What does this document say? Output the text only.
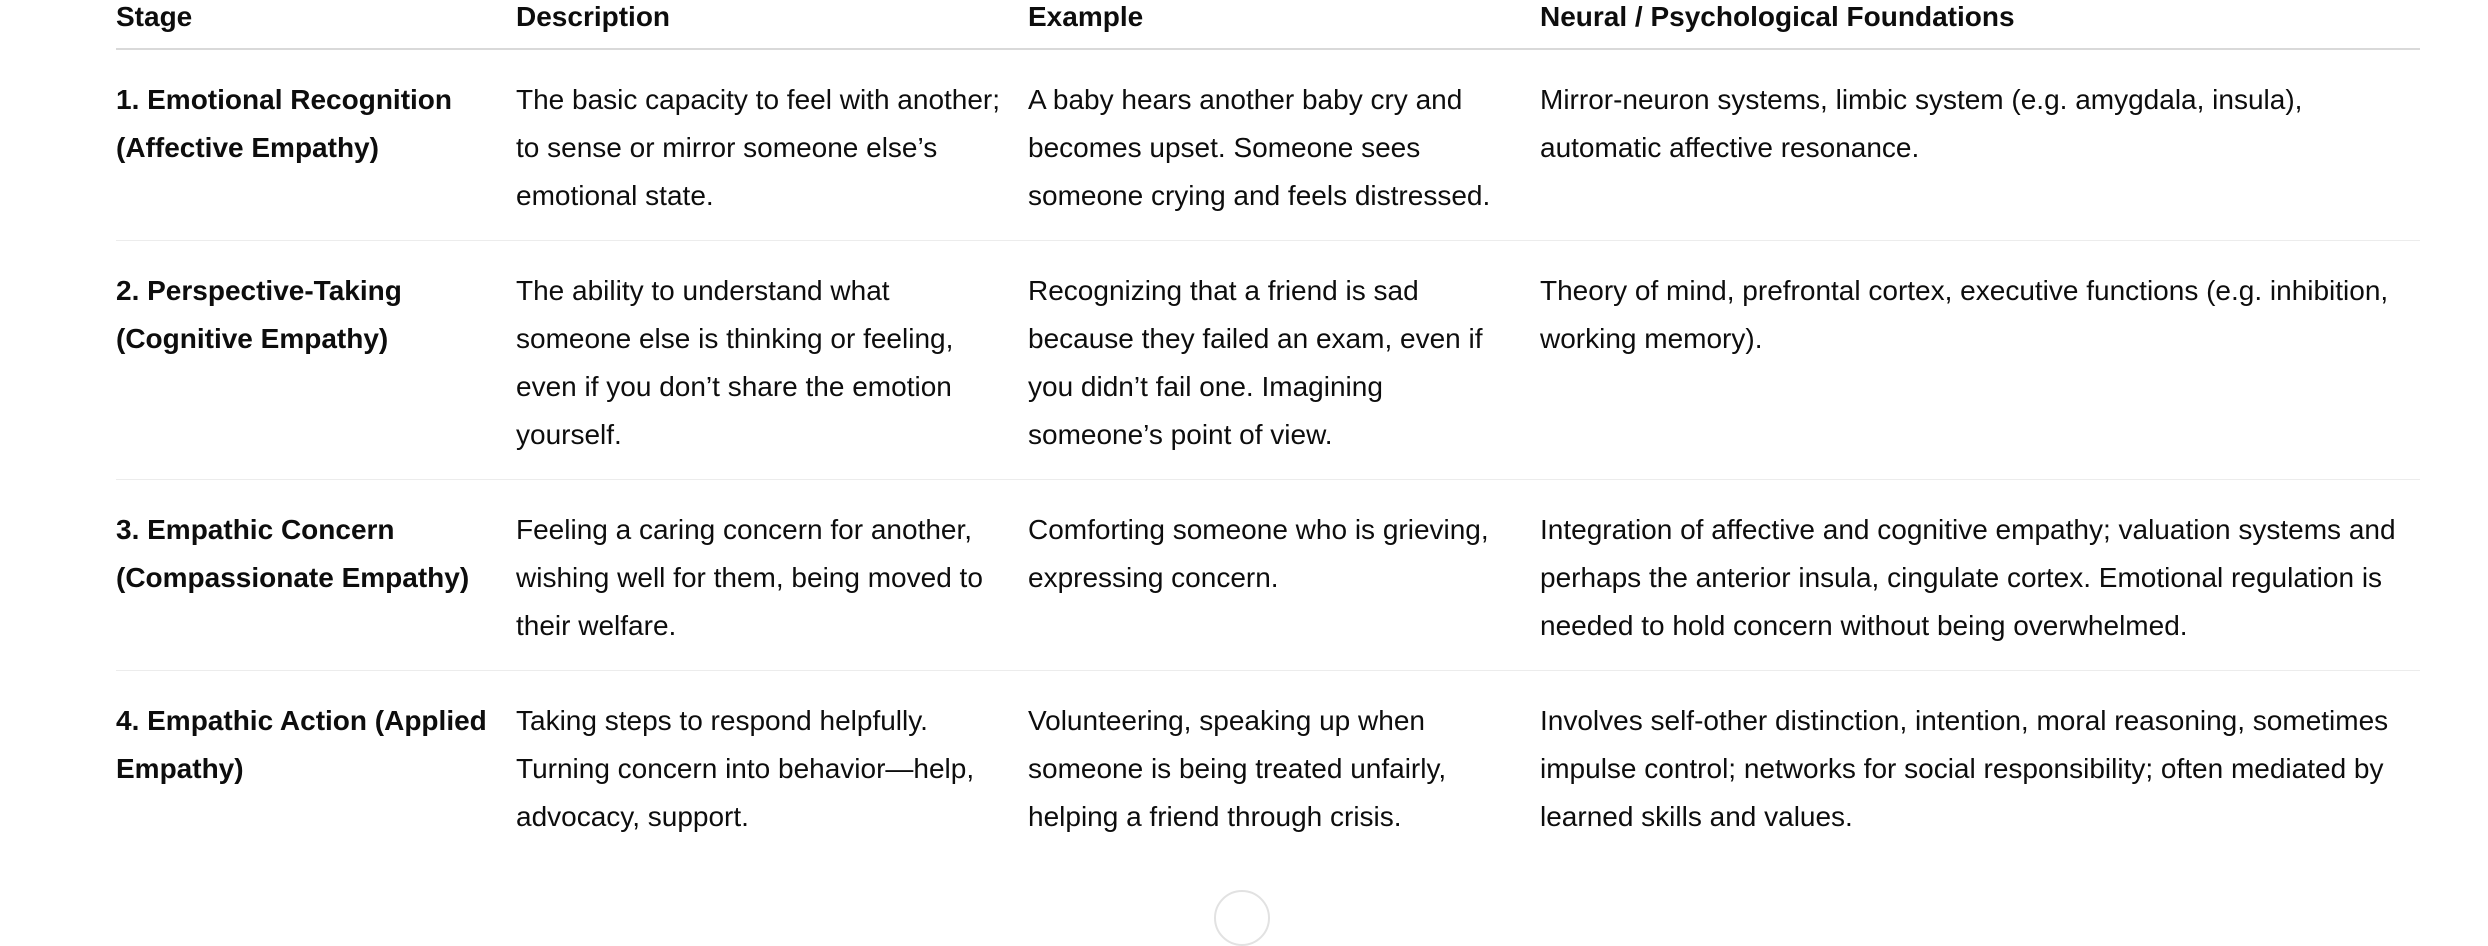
Stage	Description	Example	Neural / Psychological Foundations
1. Emotional Recognition (Affective Empathy)	The basic capacity to feel with another; to sense or mirror someone else’s emotional state.	A baby hears another baby cry and becomes upset. Someone sees someone crying and feels distressed.	Mirror-neuron systems, limbic system (e.g. amygdala, insula), automatic affective resonance.
2. Perspective-Taking (Cognitive Empathy)	The ability to understand what someone else is thinking or feeling, even if you don’t share the emotion yourself.	Recognizing that a friend is sad because they failed an exam, even if you didn’t fail one. Imagining someone’s point of view.	Theory of mind, prefrontal cortex, executive functions (e.g. inhibition, working memory).
3. Empathic Concern (Compassionate Empathy)	Feeling a caring concern for another, wishing well for them, being moved to their welfare.	Comforting someone who is grieving, expressing concern.	Integration of affective and cognitive empathy; valuation systems and perhaps the anterior insula, cingulate cortex. Emotional regulation is needed to hold concern without being overwhelmed.
4. Empathic Action (Applied Empathy)	Taking steps to respond helpfully. Turning concern into behavior—help, advocacy, support.	Volunteering, speaking up when someone is being treated unfairly, helping a friend through crisis.	Involves self-other distinction, intention, moral reasoning, sometimes impulse control; networks for social responsibility; often mediated by learned skills and values.
